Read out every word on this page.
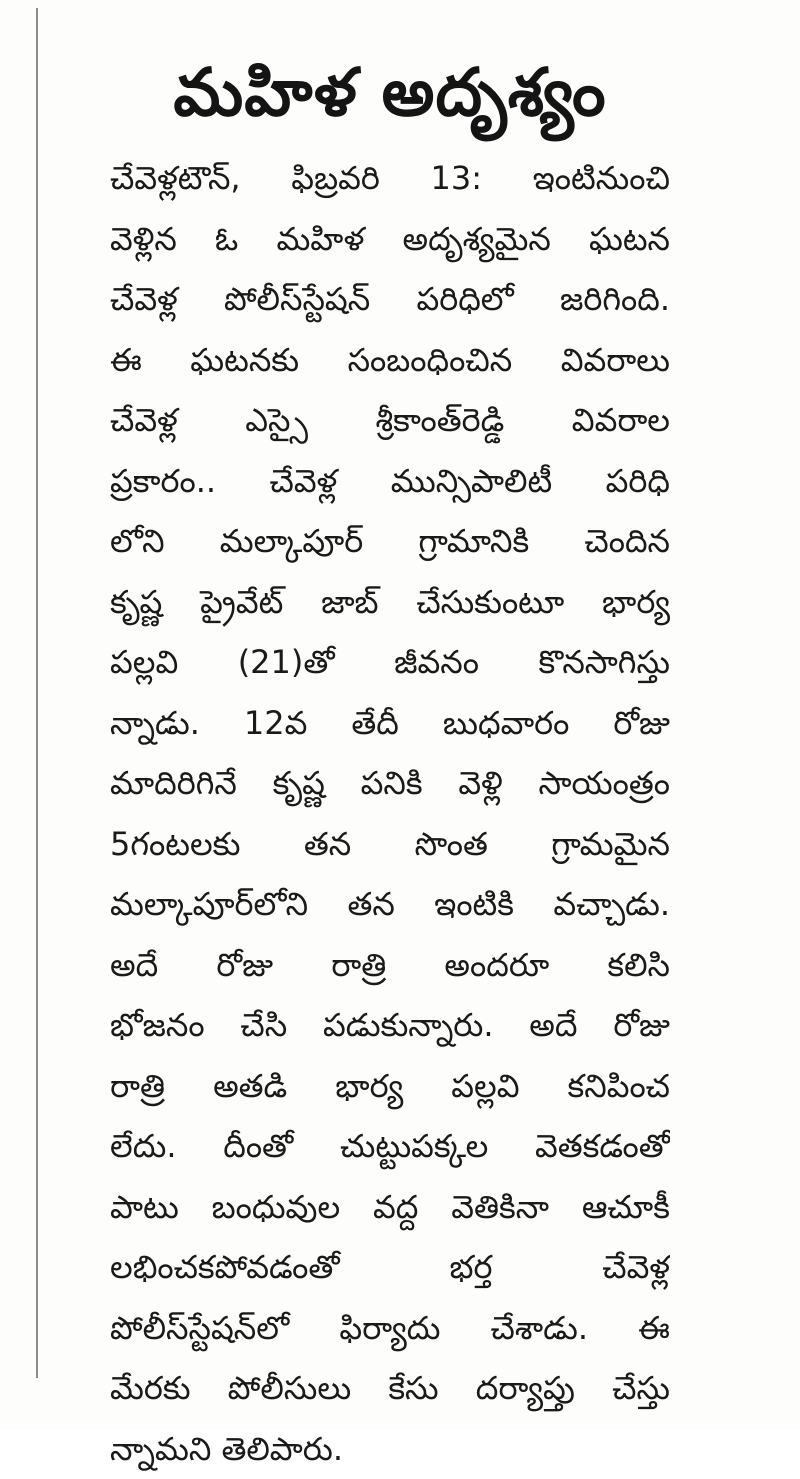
మహిళ అదృశ్యం
చేవెళ్లటౌన్‌, ఫిబ్రవరి 13: ఇంటినుంచి
వెళ్లిన ఓ మహిళ అదృశ్యమైన ఘటన
చేవెళ్ల పోలీస్‌స్టేషన్‌ పరిధిలో జరిగింది.
ఈ ఘటనకు సంబంధించిన వివరాలు
చేవెళ్ల ఎస్సై శ్రీకాంత్‌రెడ్డి వివరాల
ప్రకారం.. చేవెళ్ల మున్సిపాలిటీ పరిధి
లోని మల్కాపూర్‌ గ్రామానికి చెందిన
కృష్ణ ప్రైవేట్‌ జాబ్‌ చేసుకుంటూ భార్య
పల్లవి (21)తో జీవనం కొనసాగిస్తు
న్నాడు. 12వ తేదీ బుధవారం రోజు
మాదిరిగినే కృష్ణ పనికి వెళ్లి సాయంత్రం
5గంటలకు తన సొంత గ్రామమైన
మల్కాపూర్‌లోని తన ఇంటికి వచ్చాడు.
అదే రోజు రాత్రి అందరూ కలిసి
భోజనం చేసి పడుకున్నారు. అదే రోజు
రాత్రి అతడి భార్య పల్లవి కనిపించ
లేదు. దీంతో చుట్టుపక్కల వెతకడంతో
పాటు బంధువుల వద్ద వెతికినా ఆచూకీ
లభించకపోవడంతో భర్త చేవెళ్ల
పోలీస్‌స్టేషన్‌లో ఫిర్యాదు చేశాడు. ఈ
మేరకు పోలీసులు కేసు దర్యాప్తు చేస్తు
న్నామని తెలిపారు.
